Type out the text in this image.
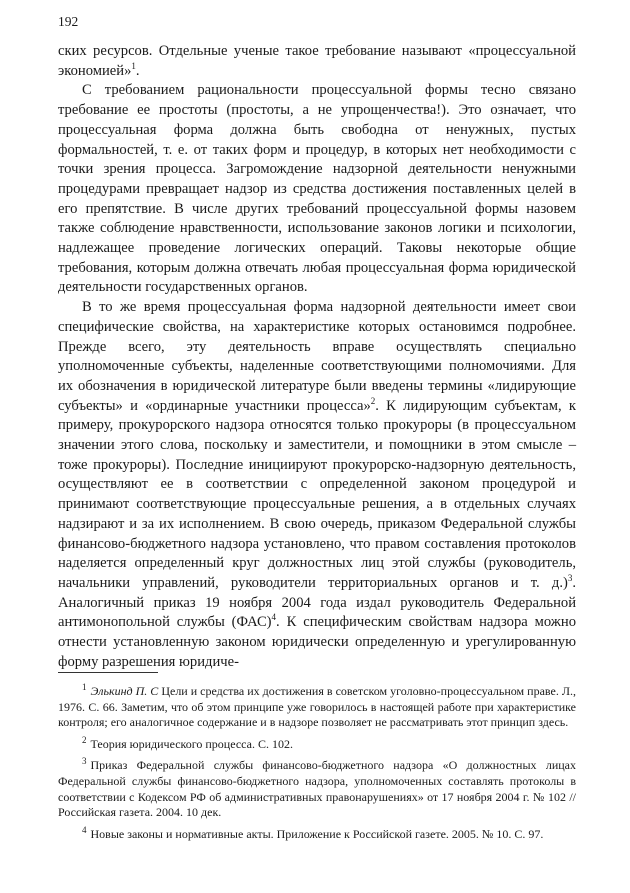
192

ских ресурсов. Отдельные ученые такое требование называют «процессуальной экономией»$^1$.

С требованием рациональности процессуальной формы тесно связано требование ее простоты (простоты, а не упрощенчества!). Это означает, что процессуальная форма должна быть свободна от ненужных, пустых формальностей, т. е. от таких форм и процедур, в которых нет необходимости с точки зрения процесса. Загромождение надзорной деятельности ненужными процедурами превращает надзор из средства достижения поставленных целей в его препятствие. В числе других требований процессуальной формы назовем также соблюдение нравственности, использование законов логики и психологии, надлежащее проведение логических операций. Таковы некоторые общие требования, которым должна отвечать любая процессуальная форма юридической деятельности государственных органов.

В то же время процессуальная форма надзорной деятельности имеет свои специфические свойства, на характеристике которых остановимся подробнее. Прежде всего, эту деятельность вправе осуществлять специально уполномоченные субъекты, наделенные соответствующими полномочиями. Для их обозначения в юридической литературе были введены термины «лидирующие субъекты» и «ординарные участники процесса»$^2$. К лидирующим субъектам, к примеру, прокурорского надзора относятся только прокуроры (в процессуальном значении этого слова, поскольку и заместители, и помощники в этом смысле – тоже прокуроры). Последние инициируют прокурорско-надзорную деятельность, осуществляют ее в соответствии с определенной законом процедурой и принимают соответствующие процессуальные решения, а в отдельных случаях надзирают и за их исполнением. В свою очередь, приказом Федеральной службы финансово-бюджетного надзора установлено, что правом составления протоколов наделяется определенный круг должностных лиц этой службы (руководитель, начальники управлений, руководители территориальных органов и т. д.)$^3$. Аналогичный приказ 19 ноября 2004 года издал руководитель Федеральной антимонопольной службы (ФАС)$^4$. К специфическим свойствам надзора можно отнести установленную законом юридически определенную и урегулированную форму разрешения юридиче-

$^1$ Элькинд П. С Цели и средства их достижения в советском уголовно-процессуальном праве. Л., 1976. С. 66. Заметим, что об этом принципе уже говорилось в настоящей работе при характеристике контроля; его аналогичное содержание и в надзоре позволяет не рассматривать этот принцип здесь.

$^2$ Теория юридического процесса. С. 102.

$^3$ Приказ Федеральной службы финансово-бюджетного надзора «О должностных лицах Федеральной службы финансово-бюджетного надзора, уполномоченных составлять протоколы в соответствии с Кодексом РФ об административных правонарушениях» от 17 ноября 2004 г. № 102 // Российская газета. 2004. 10 дек.

$^4$ Новые законы и нормативные акты. Приложение к Российской газете. 2005. № 10. С. 97.
